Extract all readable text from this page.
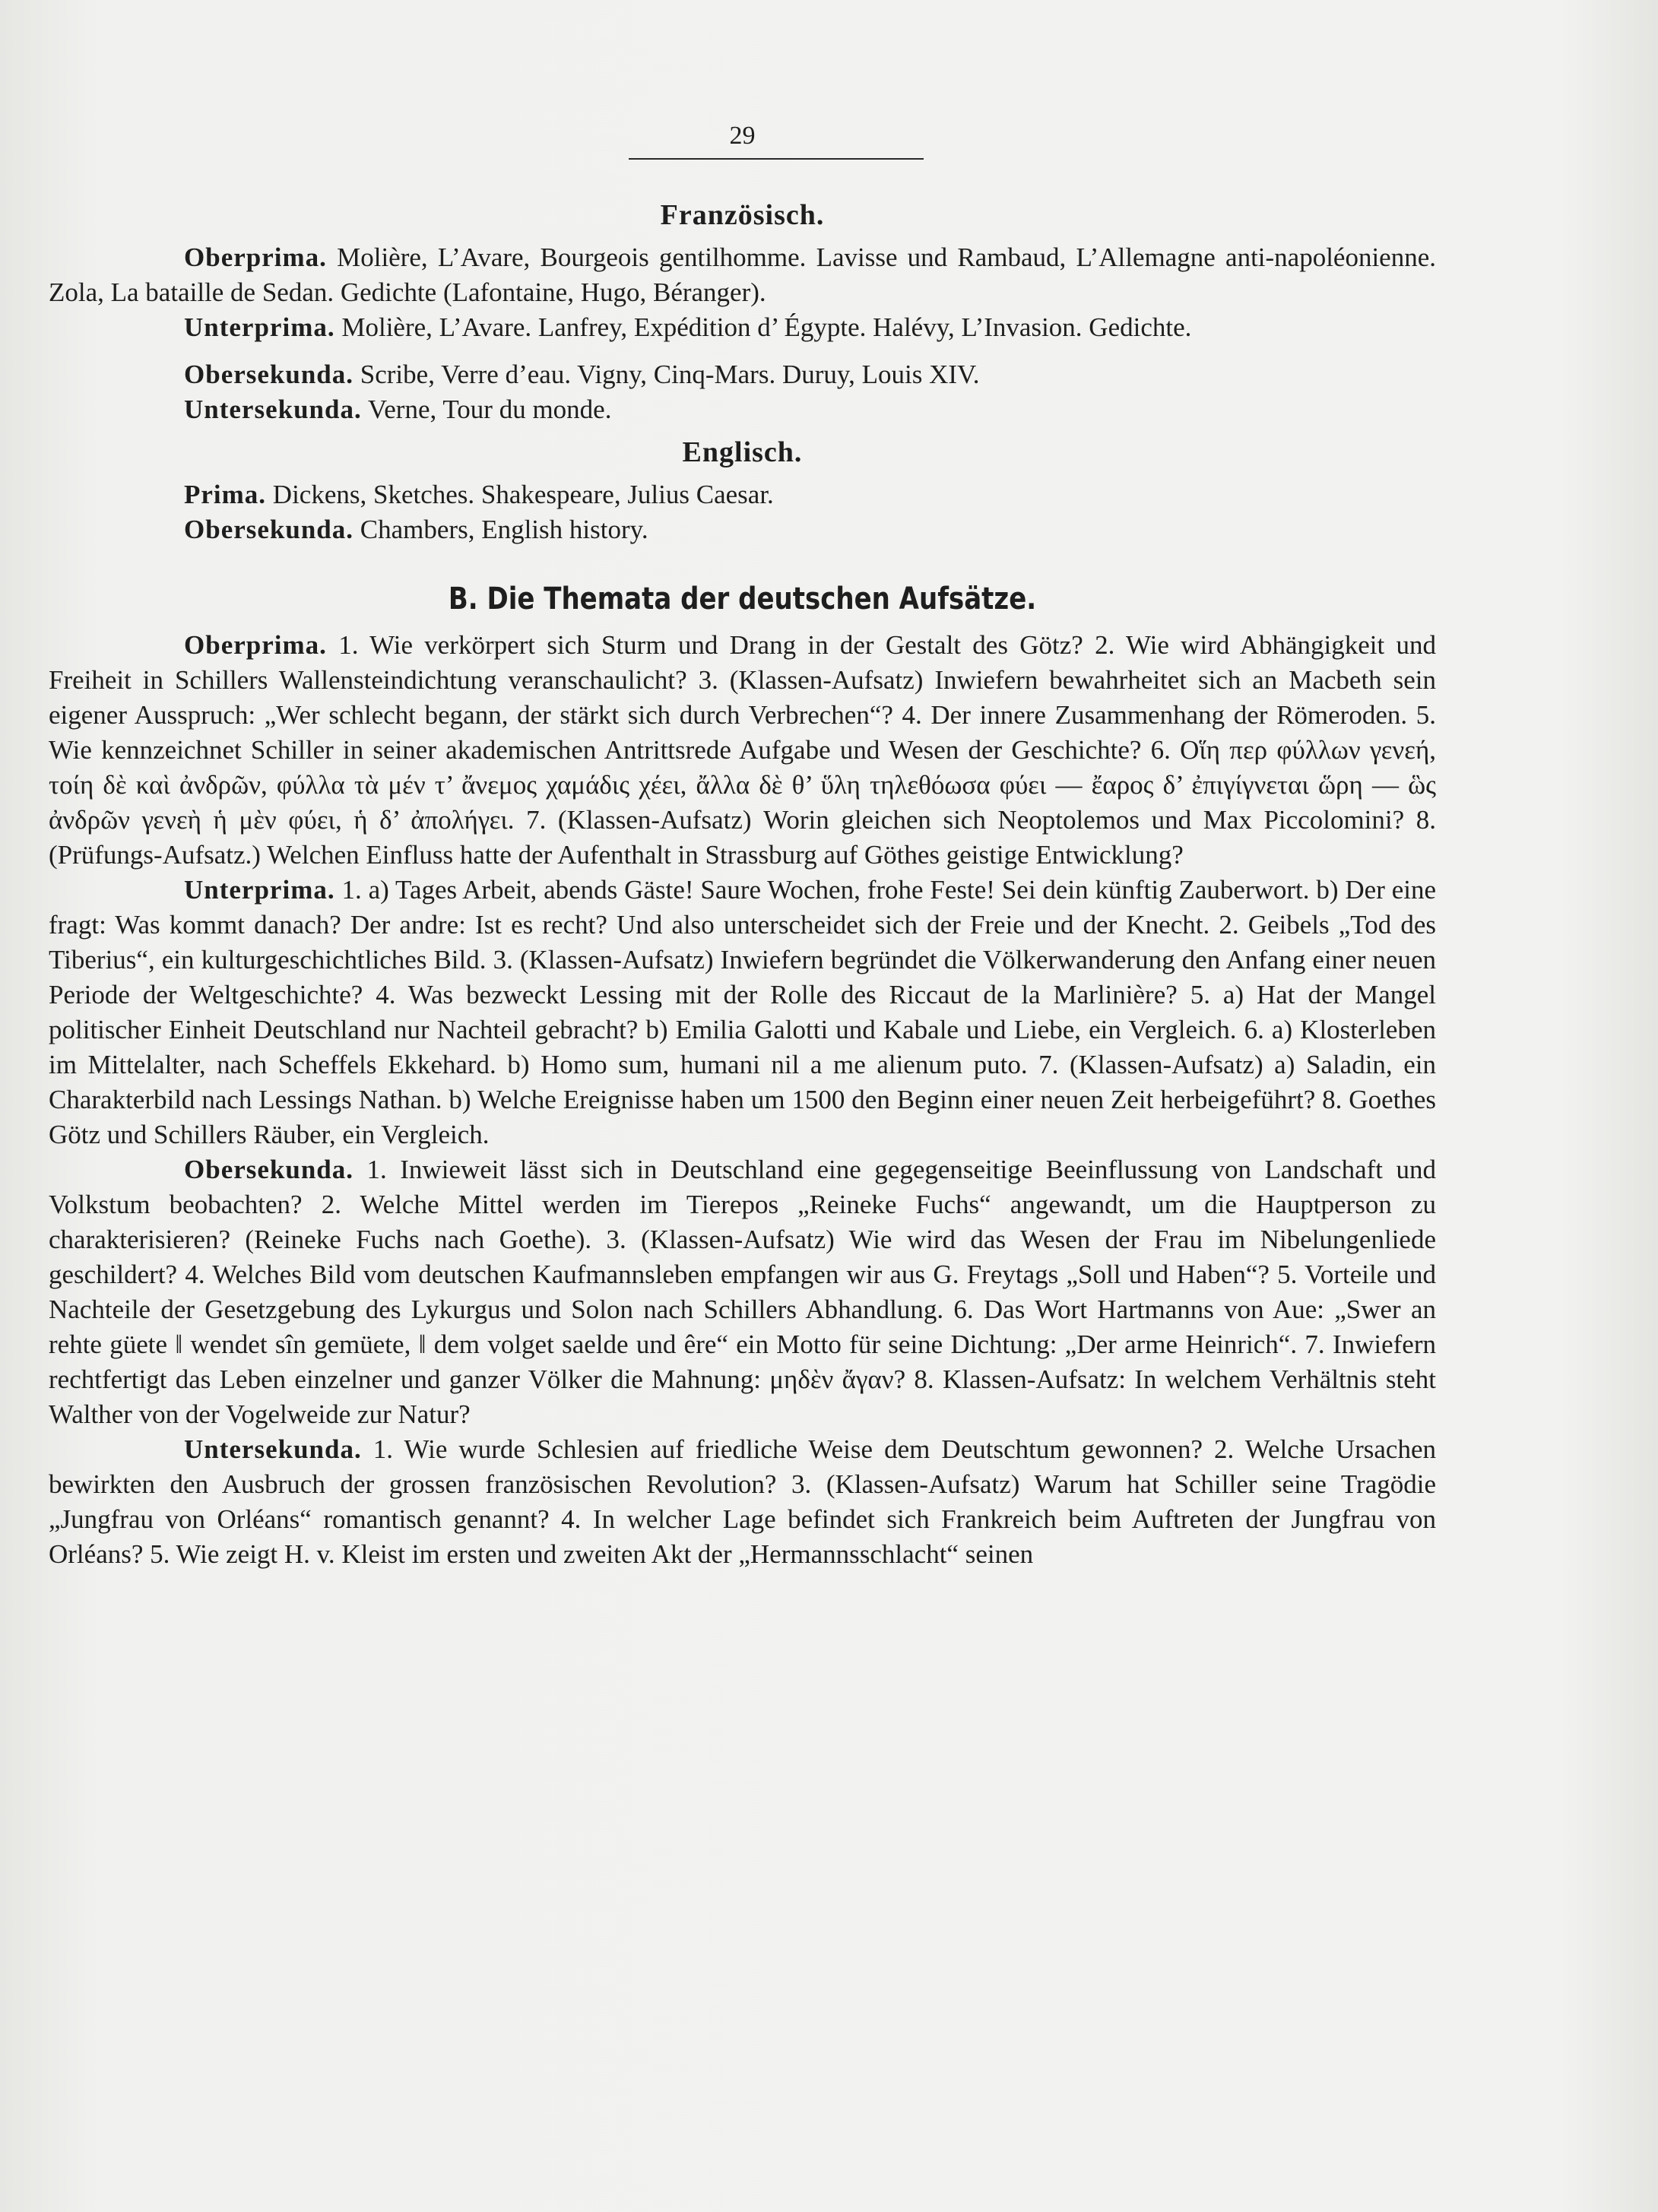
29

Französisch.

Oberprima. Molière, L’Avare, Bourgeois gentilhomme. Lavisse und Rambaud, L’Allemagne anti-napoléonienne. Zola, La bataille de Sedan. Gedichte (Lafontaine, Hugo, Béranger).

Unterprima. Molière, L’Avare. Lanfrey, Expédition d’ Égypte. Halévy, L’Invasion. Gedichte.

Obersekunda. Scribe, Verre d’eau. Vigny, Cinq-Mars. Duruy, Louis XIV.

Untersekunda. Verne, Tour du monde.

Englisch.

Prima. Dickens, Sketches. Shakespeare, Julius Caesar.

Obersekunda. Chambers, English history.

B. Die Themata der deutschen Aufsätze.

Oberprima. 1. Wie verkörpert sich Sturm und Drang in der Gestalt des Götz? 2. Wie wird Abhängigkeit und Freiheit in Schillers Wallensteindichtung veranschaulicht? 3. (Klassen-Aufsatz) Inwiefern bewahrheitet sich an Macbeth sein eigener Ausspruch: „Wer schlecht begann, der stärkt sich durch Verbrechen“? 4. Der innere Zusammenhang der Römeroden. 5. Wie kennzeichnet Schiller in seiner akademischen Antrittsrede Aufgabe und Wesen der Geschichte? 6. Οἵη περ φύλλων γενεή, τοίη δὲ καὶ ἀνδρῶν, φύλλα τὰ μέν τ’ ἄνεμος χαμάδις χέει, ἄλλα δὲ θ’ ὕλη τηλεθόωσα φύει — ἔαρος δ’ ἐπιγίγνεται ὥρη — ὣς ἀνδρῶν γενεὴ ἡ μὲν φύει, ἡ δ’ ἀπολήγει. 7. (Klassen-Aufsatz) Worin gleichen sich Neoptolemos und Max Piccolomini? 8. (Prüfungs-Aufsatz.) Welchen Einfluss hatte der Aufenthalt in Strassburg auf Göthes geistige Entwicklung?

Unterprima. 1. a) Tages Arbeit, abends Gäste! Saure Wochen, frohe Feste! Sei dein künftig Zauberwort. b) Der eine fragt: Was kommt danach? Der andre: Ist es recht? Und also unterscheidet sich der Freie und der Knecht. 2. Geibels „Tod des Tiberius“, ein kulturgeschichtliches Bild. 3. (Klassen-Aufsatz) Inwiefern begründet die Völkerwanderung den Anfang einer neuen Periode der Weltgeschichte? 4. Was bezweckt Lessing mit der Rolle des Riccaut de la Marlinière? 5. a) Hat der Mangel politischer Einheit Deutschland nur Nachteil gebracht? b) Emilia Galotti und Kabale und Liebe, ein Vergleich. 6. a) Klosterleben im Mittelalter, nach Scheffels Ekkehard. b) Homo sum, humani nil a me alienum puto. 7. (Klassen-Aufsatz) a) Saladin, ein Charakterbild nach Lessings Nathan. b) Welche Ereignisse haben um 1500 den Beginn einer neuen Zeit herbeigeführt? 8. Goethes Götz und Schillers Räuber, ein Vergleich.

Obersekunda. 1. Inwieweit lässt sich in Deutschland eine gegegenseitige Beeinflussung von Landschaft und Volkstum beobachten? 2. Welche Mittel werden im Tierepos „Reineke Fuchs“ angewandt, um die Hauptperson zu charakterisieren? (Reineke Fuchs nach Goethe). 3. (Klassen-Aufsatz) Wie wird das Wesen der Frau im Nibelungenliede geschildert? 4. Welches Bild vom deutschen Kaufmannsleben empfangen wir aus G. Freytags „Soll und Haben“? 5. Vorteile und Nachteile der Gesetzgebung des Lykurgus und Solon nach Schillers Abhandlung. 6. Das Wort Hartmanns von Aue: „Swer an rehte güete ‖ wendet sîn gemüete, ‖ dem volget saelde und êre“ ein Motto für seine Dichtung: „Der arme Heinrich“. 7. Inwiefern rechtfertigt das Leben einzelner und ganzer Völker die Mahnung: μηδὲν ἄγαν? 8. Klassen-Aufsatz: In welchem Verhältnis steht Walther von der Vogelweide zur Natur?

Untersekunda. 1. Wie wurde Schlesien auf friedliche Weise dem Deutschtum gewonnen? 2. Welche Ursachen bewirkten den Ausbruch der grossen französischen Revolution? 3. (Klassen-Aufsatz) Warum hat Schiller seine Tragödie „Jungfrau von Orléans“ romantisch genannt? 4. In welcher Lage befindet sich Frankreich beim Auftreten der Jungfrau von Orléans? 5. Wie zeigt H. v. Kleist im ersten und zweiten Akt der „Hermannsschlacht“ seinen
